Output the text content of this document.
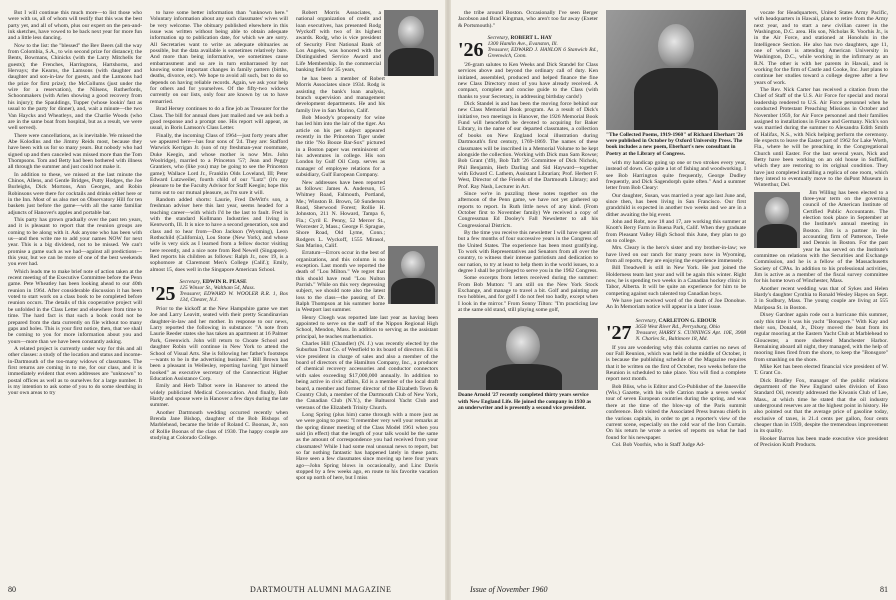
But I will continue this much more—to list those who were with us, all of whom will testify that this was the best party yet, and all of whom, plus our expert on the pen-and-ink sketches, have vowed to be back next year for more fun and a little less dancing.

Now to the list: the "blessed" the Bev Beers (all the way from Colombia, S.A., to win second prize for distance); the Bents, Bowmans, Chinicks (with the Larry Mitchells for guests); the Frenches, Harringtons, Hartshorns, and Hervays; the Kearns, the Lamsons (with daughter and daughter and son-in-law for guests, and the Lamsons had the prize for first prize); the McCollums (just under the wire for a reservation), the Nilsens, Rutherfords, Schoonmakers (with Arlen showing a good recovery from his injury); the Spauldings, Tupper (whose lookin' fast as usual to the party for dinner), and, wait a minute—the two Van Haycks and Wheatleys, and the Charlie Woods (who are in the same boat from hospital, but as a result, we were well served).

There were cancellations, as is inevitable. We missed the Abe Kolodins and the Jimmy Reids most, because they have been with us for so many years. But nobody who had signed up and then canceled was missed more than the Tom Thompsons. Tom and Betty had been bothered with illness all through the summer and just could not make it.

In addition to these, we missed at the last minute the Chinos, Allens, and Gentle Bridges, Putty Hodges, the Joe Burleighs, Dick Mortons, Ann Georges, and Robin Robinsons were there for cocktails and drinks either here or in the Inn. Most of us also met on Observatory Hill for ten baskets just before the game—with all the same familiar adjuncts of Hanover's apples and portable bar.

This party has grown gradually over the past ten years, and it is pleasant to report that the reunion groups are coming to be along with it. Ask anyone who has been with us—and then write me to add your names NOW for next year. This is a big dividend, not to be missed. We can't promise a game such as we had—against all predictions—this year, but we can be more of one of the best weekends you ever had.

Which leads me to make brief note of action taken at the recent meeting of the Executive Committee before the Penn game. Pete Wheatley has been looking ahead to our 40th reunion in 1964. After considerable discussion it has been voted to start work on a class book to be completed before reunion occurs. The details of this cooperative project will be unfolded in the Class Letter and elsewhere from time to time. The hard fact is that such a book could not be prepared from the data currently on file without too many gaps and holes. This is your first notice, then, that we shall be coming to you for more information about you and yours—more than we have been constantly asking.

A related project is currently under way for this and all other classes: a study of the location and status and income-in-Dartmouth of the too-many widows of classmates. The first returns are coming in to me, for our class, and it is immediately evident that even addresses are "unknown" to postal offices as well as to ourselves for a large number. It is my intention to ask some of you to do some sleuthing in your own areas to try

to have some better information than "unknown here." Voluntary information about any such classmates' wives will be very welcome. The obituary published elsewhere in this issue was written without being able to obtain adequate information up to publication date, for which we are sorry. All Secretaries want to write as adequate obituaries as possible, but the data available is sometimes relatively bare. And more than being informative, we sometimes cause embarrassment and so are in turn embarrassed by not knowing some important changes in family pattern (births, deaths, divorce, etc). We hope to avoid all such, but to do so depends on having reliable records. Again, we ask your help for others and for yourselves. Of the fifty-two widows currently on our lists, only four are known by us to have remarried.

Brad Hersey continues to do a fine job as Treasurer for the Class. The bill for annual dues just mailed and we ask both a good response and a prompt one. His report will appear, as usual, in Boris Lamson's Class Letter.

Finally, the incoming Class of 1964—just forty years after we appeared here—has four sons of '24. They are: Stafford Warwick Kerrigan Jr. (son of my freshman-year roommate, Duke Keegin, and whose mother is now Mrs. John Woolridge), married to a Princeton '57; Jean and Peggy Grantiers, who (like you) may be going to see the Princeton game); Wallace Lord Jr., Franklin Olds Loveland, III; Peter Edward Lutzweiler, fourth child of our "Lutz" (it's my pleasure to be the Faculty Advisor for Staff Keegin; hope this turns out to our mutual pleasure, as I'm sure it will.

Random added shorts: Laurie, Fred DeWitt's son, a freshman adviser here this last year, seems headed for a teaching career—with which I'd be the last to fault. Fred is with the standard Kollmann Industries and living in Kentworth, Ill. It is nice to have a second generation, son and class and to hear from—Don Jackson (Wyoming), Leon Rothschild (California), Lou Stone (New York), and whose wife is very sick as I learned from a fellow doctor visiting here recently, and a nice note from Red Newell (Singapore). Red reports his children as follows: Ralph Jr., now 19, is a sophomore at Claremont Men's College (Calif.); Emily, almost 15, does well in the Singapore American School.

'25
Secretary, EDWIN R. PEASE
125 Winsor St., Waltham 54, Mass.
Treasurer, EDWARD W. WOOLER R.R. 1, Box 134, Chester, N.J.

Prior to the kickoff at the New Hampshire game we met Joe and Larry Leavitt, seated with their pretty Scandinavian daughter-in-law and her mother. In response to our news, Larry reported the following in substance: "A note from Laurie Reeder states she has taken an apartment at 16 Palmer Park, Greenwich. John will return to Choate School and daughter Robin will continue in New York to attend the School of Visual Arts. She is following her father's footsteps—wants to be in the advertising business." Bill Brown has been a pleasant in Wellesley, reporting having "got himself hooked" as executive secretary of the Connecticut Higher Education Assistance Corp.

Emily and Herb Talbot were in Hanover to attend the widely publicized Medical Convocation. And finally, Bob Hardy and spouse were in Hanover a few days during the late summer.

Another Dartmouth wedding occurred recently when Brenda Jane Bishop, daughter of the Bob Bishops of Marblehead, became the bride of Roland C. Boonas, Jr., son of Rollie Boonas of the class of 1930. The happy couple are studying at Colorado College.

Robert Morris Associates, a national organization of credit and loan executives, has presented Rodg Wyckoff with two of its highest awards. Rodg, who is vice president of Security First National Bank of Los Angeles, was honored with the Distinguished Service Award and Life Membership. In the commercial banking field for 35 years,

he has been a member of Robert Morris Associates since 1934. Rodg is assisting the bank's loan analysis, branch supervision and management development departments. He and his family live in San Marino, Calif.

Bob Moody's propensity for wine has led him into the lair of the tiger. An article on his pet subject appeared recently in the Princeton Tiger under the title "No Booze Bar-Sox" pictured in a Boston paper was reminiscent of his adventures in college. His son London by Gulf Oil Corp. serves as manager of employee relations for a subsidiary, Gulf European Company.

New addresses have been reported as follows: James A. Anderson, 15 Whitney Road, Falmouth, Portland, Me.; Winston B. Brown, 50 Sunderson Road, Sherwood Forest; Rollie H. Johnston, 211 N. Howard, Tampa 6, Fla.; Cyril E. Penny, 52 Mercer St., Worcester 2, Mass.; George F. Sprague, Shore Road, Old Lyme, Conn.; Rodgers L. Wyckoff, 1555 Mirasol, San Marino, Calif.

Erratum—Errors occur in the best of organizations, and this column is no exception. Last month we reported the death of "Lou Milton." We regret that this should have read "Lou Nulton Parrish." While on this very depressing subject, we should note also the latest loss to the class—the passing of Dr. Ralph Thompson at his summer home in Westport last summer.

Henry Cloegh was reported late last year as having been appointed to serve on the staff of the Nippon Regional High School, Mendon, Mass. In addition to serving as the assistant principal, he teaches mathematics.

Charles Hill (Chandler) (N. J.) was recently elected by the Suburban Trust Co. of Westfield to its board of directors. Ed is vice president in charge of sales and also a member of the board of directors of the Hamilton Company, Inc., a producer of chemical recovery accessories and conductor connectors with sales exceeding $17,000,000 annually. In addition to being active in civic affairs, Ed is a member of the local draft board, a member and former director of the Elizabeth Town & Country Club, a member of the Dartmouth Club of New York, the Canadian Club (N.Y.), the Baltusrol Yacht Club and veterans of the Elizabeth Trinity Church.

Long Spring (plus him) came through with a more just as we were going to press: "I remember very well your remarks at the spring dinner meeting of the Class Model 1961 when you said (in effect) that the length of your talk would be the same as the amount of correspondence you had received from your classmates? While I had some real unusual news to report, but so far nothing fantastic has happened lately in these parts. Have seen a few classmates since moving up here four years ago—John Spring blows in occasionally, and Linc Davis stopped by a few weeks ago, en route to his favorite vacation spot up north of here, but I miss

the tribe around Boston. Occasionally I've seen Berger Jacobson and Brad Kingman, who aren't too far away (Exeter & Portsmouth)."

'26
Secretary, ROBERT L. HAY
1300 Hamlin Ave., Evanston, Ill.
Treasurer, EDWARD J. HANLON 6 Stanwich Rd., Greenwich, Conn.

'26-gram salutes to Ken Weeks and Dick Standel for Class services above and beyond the ordinary call of duty. Ken initiated, assembled, produced and helped finance the fine new Class Directory most of you have already received. A compact, complete and concise guide to the Class (with thanks to your Secretary, in addressing birthday cards!)

Dick Standel is and has been the moving force behind our new Class Memorial Book program. As a result of Dick's initiative, two meetings in Hanover, the 1926 Memorial Book Fund will henceforth be devoted to acquiring for Baker Library, in the name of our departed classmates, a collection of books on New England local illustration during Dartmouth's first century, 1769-1869. The names of these classmates will be inscribed in a Memorial Volume to be kept alongside the collection. Working with Dick man Sam Rowse; Bob Grant ('49), Bob Taft '26 Committee of Dick Nichols, Phil Benjamin, Herb Darling and Sid Hayward—together with Edward C. Lathem, Assistant Librarian; Prof. Herbert F. West, Director of the Friends of the Dartmouth Library; and Prof. Ray Nash, Lecturer in Art.

Since we're in puzzling these notes together on the afternoon of the Penn game, we have not yet gathered up reports to report. In Ruth little news of any kind. (From October first to November family) We received a copy of Congressman Ed Dooley's Fall Newsletter to all his Congressional Districts.

By the time you receive this newsletter I will have spent all but a few months of four successive years in the Congress of the United States. The experience has been most gratifying. To work with Representatives and Senators from all over the country, to witness their intense patriotism and dedication to our nation, to try at least to help them in the world issues, to a degree I shall be privileged to serve you in the 1962 Congress.

Some excerpts from letters received during the summer: From Bob Mutton: "I am still on the New York Stock Exchange, and manage to travel a bit. Golf and painting are two hobbies, and for golf I do not feel too badly, except when I look in the mirror." From Sonny Tilton: "I'm practicing law at the same old stand, still playing some golf,

Doane Arnold '27 recently completed thirty years service with New England Life. He joined the company in 1930 as an underwriter and is presently a second vice president.
"The Collected Poems, 1919-1960" of Richard Eberhart '26 were published in October by Oxford University Press. The book includes a new poem, Eberhart's new consultant in Poetry at the Library of Congress.

with my handicap going up one or two strokes every year, instead of down. Go quite a lot of fishing and woodworking. I see Bob Harrington quite frequently, George Dudley frequently, and Dick Sagendorph quite often." And a summer letter from Bob Cleary:

Our daughter, Susan, was married a year ago last June and, since then, has been living in San Francisco. Our first grandchild is expected in another two weeks and we are in a dither awaiting the big event.

John and Robt, now 18 and 17, are working this summer at Knott's Berry Farm in Buena Park, Calif. When they graduate from Pleasant Valley High School this June, they plan to go on to college.

Mrs. Cleary is the hero's sister and my brother-in-law; we have lived on our ranch for many years now in Wyoming, from all reports, they are enjoying the experience immensely.

Bill Treadwell is still in New York. He just joined the Holderness team last year and will be again this winter. Right now, he is spending two weeks in a Canadian hockey clinic in Tabor, Alberta. It will be quite an experience for him to be competing against such talented top Canadian boys.

We have just received word of the death of Joe Donohue. An In Memoriam notice will appear in a later issue.

'27
Secretary, CARLETON G. EBOUR
3650 West River Rd., Perrysburg, Ohio
Treasurer, HARRY S. CUNNINGS Apt. 10E, 3908 N. Charles St., Baltimore 18, Md.

If you are wondering why this column carries no news of our Fall Reunion, which was held in the middle of October, it is because the publishing schedule of the Magazine requires that it be written on the first of October, two weeks before the Reunion is scheduled to take place. You will find a complete report next month.

Bob Bliss, who is Editor and Co-Publisher of the Janesville (Wis.) Gazette, with his wife Catrion made a seven weeks' tour of seven European countries during the spring, and was there at the time of the blow-up of the Paris summit conference. Bob visited the Associated Press bureau chiefs in the various capitals, in order to get a reporter's view of the current scene, especially on the cold war of the Iron Curtain. On his return he wrote a series of reports on what he had found for his newspaper.

Col. Bob Voorhis, who is Staff Judge Ad-

vocate for Headquarters, United States Army Pacific, with headquarters in Hawaii, plans to retire from the Army next year, and to start a new civilian career in the Washington, D.C. area. His son, Nicholas R. Voorhis Jr., is in the Air Force, and stationed at Honolulu in the Intelligence Section. He also has two daughters, age 11, one of whom is attending American University in Washington, D.C., while working in the infirmary as an R.N. The other is with her parents in Hawaii, and is working for the firm of Castle and Cooke, Inc. Just plans to continue her studies toward a college degree after a few years of work.

The Rev. Nick Carter has received a citation from the Chief of Staff of the U.S. Air Force for special and moral leadership rendered to U.S. Air Force personnel when he conducted Protestant Preaching Missions in October and November 1959, for Air Force personnel and their families assigned to installations in France and Germany. Nick's son was married during the summer to Alexandra Edith Smith of Halifax, N.S., with Nick helping perform the ceremony. He expects to leave the Easter part of 1962 for Lake Worth, Fla., where he will be preaching in the Congregational Church until Easter. For the last several years, Nick and Betty have been working on an old house in Suffield, which they are restoring to its original condition. They have just completed installing a replica of one room, which they intend to eventually move to the duPont Museum in Winterthur, Del.

Jim Willing has been elected to a three-year term on the governing council of the American Institute of Certified Public Accountants. The election took place in September at the Institute's annual meeting in Boston. Jim is a partner in the accounting firm of Patterson, Teele and Dennis in Boston. For the past year he has served on the Institute's committee on relations with the Securities and Exchange Commission, and he is a fellow of the Massachusetts Society of CPAs. In addition to his professional activities, Jim is active as a member of the fiscal survey committee for his home town of Winchester, Mass.

Another recent wedding was that of Sykes and Helen Hardy's daughter Cynthia to Ronald Wesley Hayes on Sept. 3 in Sudbury, Mass. The young couple are living at 555 Mariposa St. in Boston.

Dixey Gardner again rode out a hurricane this summer, only this time it was his yacht "Bonsgore." With Kay and their son, Donald, Jr., Dixey moved the boat from its regular mooring at the Eastern Yacht Club at Marblehead to Gloucester, a more sheltered Manchester Harbor. Remaining aboard all night, they managed, with the help of mooring lines fired from the shore, to keep the "Bonsgore" from smashing on the shore.

Mike Ket has been elected financial vice president of W. T. Grant Co.

Dick Bradley Fox, manager of the public relations department of the New England sales division of Esso Standard Oil, recently addressed the Kiwanis Club of Lee, Mass., at which time he stated that the oil industry underground reserves are at the highest point in history. He also pointed out that the average price of gasoline today, exclusive of taxes, is 21.4 cents per gallon, four cents cheaper than in 1939, despite the tremendous improvement in its quality.

Hooker Barron has been made executive vice president of Precision Kraft Products.

80	DARTMOUTH ALUMNI MAGAZINE	Issue of November 1960	81
